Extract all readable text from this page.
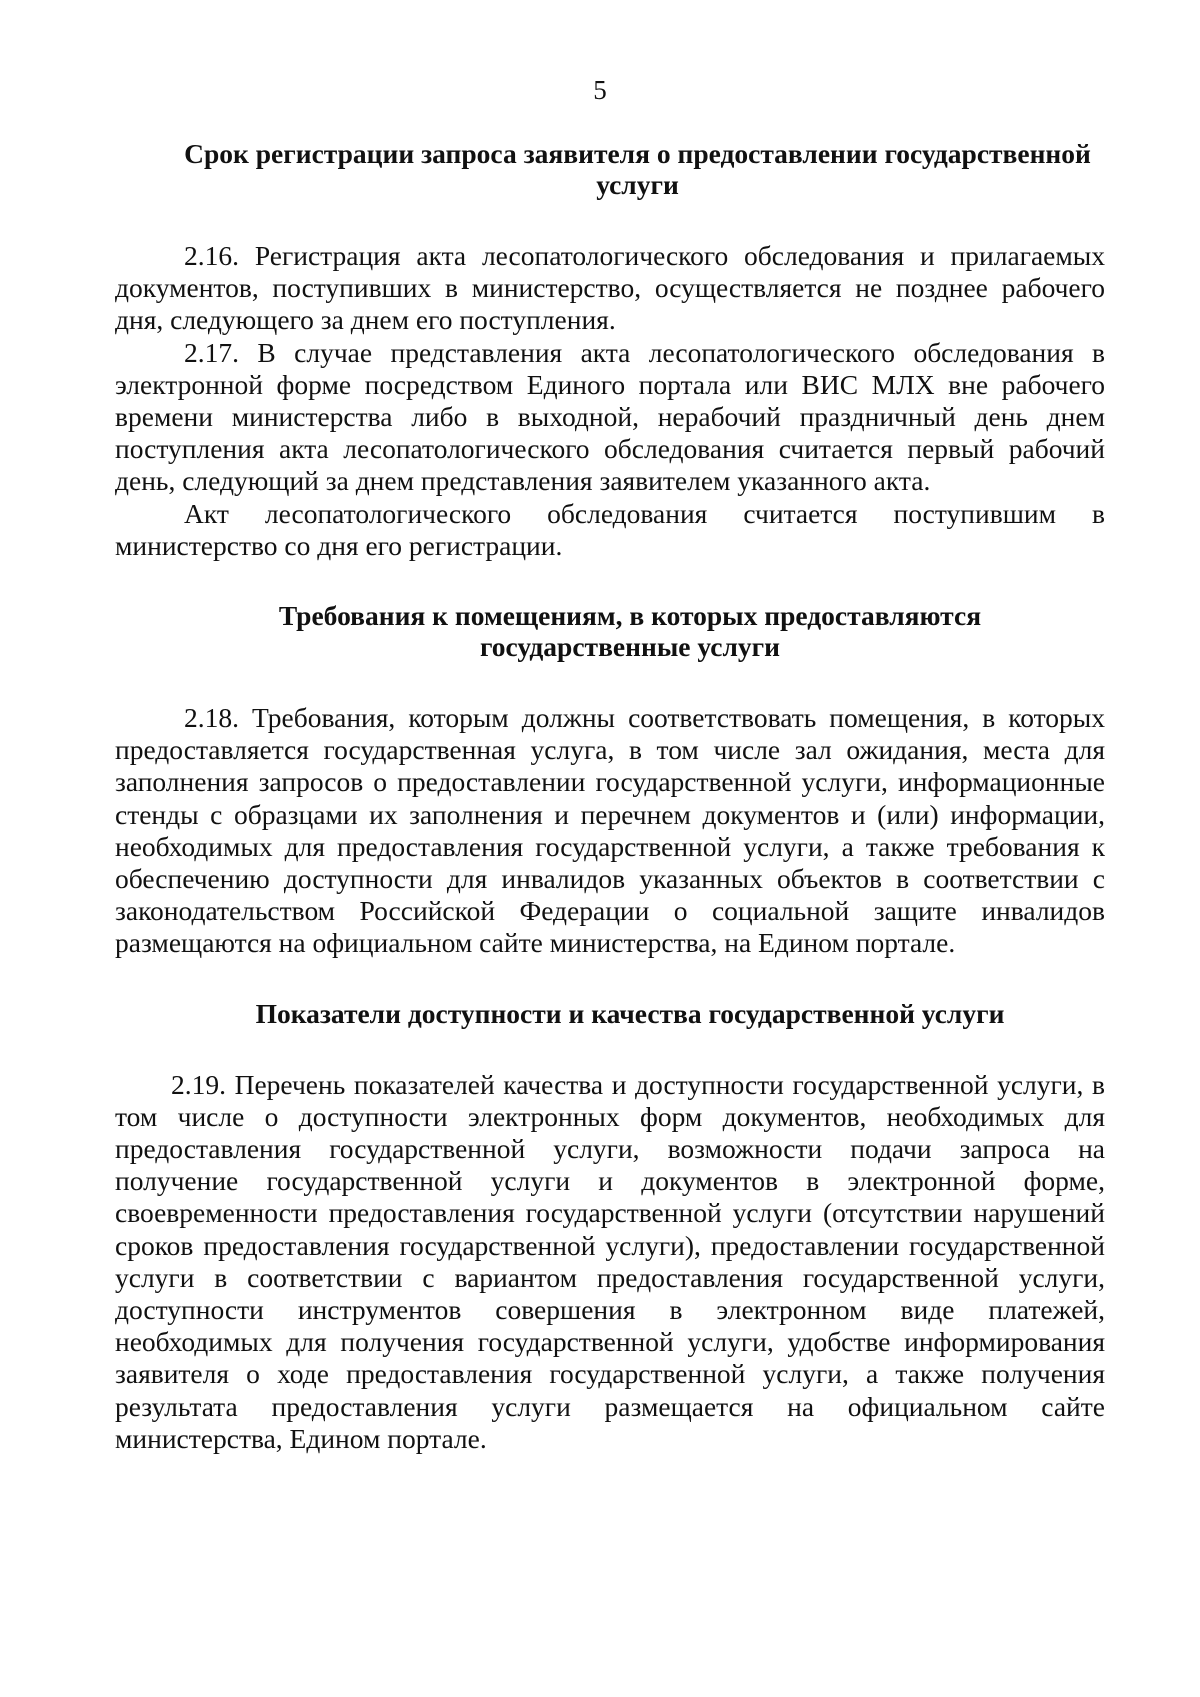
5
Срок регистрации запроса заявителя о предоставлении государственной
услуги

2.16. Регистрация акта лесопатологического обследования и прилагаемых документов, поступивших в министерство, осуществляется не позднее рабочего дня, следующего за днем его поступления.

2.17. В случае представления акта лесопатологического обследования в электронной форме посредством Единого портала или ВИС МЛХ вне рабочего времени министерства либо в выходной, нерабочий праздничный день днем поступления акта лесопатологического обследования считается первый рабочий день, следующий за днем представления заявителем указанного акта.

Акт лесопатологического обследования считается поступившим в министерство со дня его регистрации.

Требования к помещениям, в которых предоставляются
государственные услуги

2.18. Требования, которым должны соответствовать помещения, в которых предоставляется государственная услуга, в том числе зал ожидания, места для заполнения запросов о предоставлении государственной услуги, информационные стенды с образцами их заполнения и перечнем документов и (или) информации, необходимых для предоставления государственной услуги, а также требования к обеспечению доступности для инвалидов указанных объектов в соответствии с законодательством Российской Федерации о социальной защите инвалидов размещаются на официальном сайте министерства, на Едином портале.

Показатели доступности и качества государственной услуги

2.19. Перечень показателей качества и доступности государственной услуги, в том числе о доступности электронных форм документов, необходимых для предоставления государственной услуги, возможности подачи запроса на получение государственной услуги и документов в электронной форме, своевременности предоставления государственной услуги (отсутствии нарушений сроков предоставления государственной услуги), предоставлении государственной услуги в соответствии с вариантом предоставления государственной услуги, доступности инструментов совершения в электронном виде платежей, необходимых для получения государственной услуги, удобстве информирования заявителя о ходе предоставления государственной услуги, а также получения результата предоставления услуги размещается на официальном сайте министерства, Едином портале.
